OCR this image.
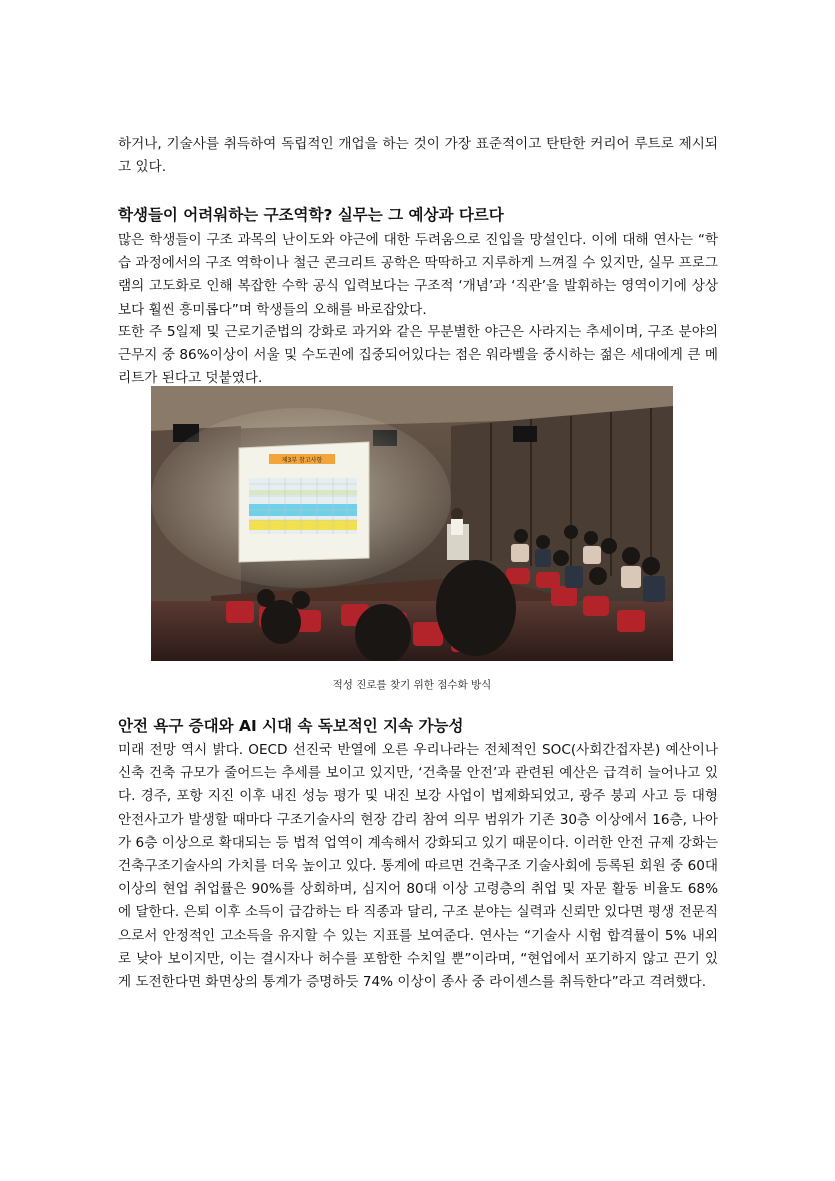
하거나, 기술사를 취득하여 독립적인 개업을 하는 것이 가장 표준적이고 탄탄한 커리어 루트로 제시되고 있다.

학생들이 어려워하는 구조역학? 실무는 그 예상과 다르다

많은 학생들이 구조 과목의 난이도와 야근에 대한 두려움으로 진입을 망설인다. 이에 대해 연사는 “학습 과정에서의 구조 역학이나 철근 콘크리트 공학은 딱딱하고 지루하게 느껴질 수 있지만, 실무 프로그램의 고도화로 인해 복잡한 수학 공식 입력보다는 구조적 ‘개념’과 ‘직관’을 발휘하는 영역이기에 상상보다 훨씬 흥미롭다”며 학생들의 오해를 바로잡았다.

또한 주 5일제 및 근로기준법의 강화로 과거와 같은 무분별한 야근은 사라지는 추세이며, 구조 분야의 근무지 중 86%이상이 서울 및 수도권에 집중되어있다는 점은 워라벨을 중시하는 젊은 세대에게 큰 메리트가 된다고 덧붙였다.

제3부 참고사항
적성 진로를 찾기 위한 점수화 방식
안전 욕구 증대와 AI 시대 속 독보적인 지속 가능성

미래 전망 역시 밝다. OECD 선진국 반열에 오른 우리나라는 전체적인 SOC(사회간접자본) 예산이나 신축 건축 규모가 줄어드는 추세를 보이고 있지만, ‘건축물 안전’과 관련된 예산은 급격히 늘어나고 있다. 경주, 포항 지진 이후 내진 성능 평가 및 내진 보강 사업이 법제화되었고, 광주 붕괴 사고 등 대형 안전사고가 발생할 때마다 구조기술사의 현장 감리 참여 의무 범위가 기존 30층 이상에서 16층, 나아가 6층 이상으로 확대되는 등 법적 업역이 계속해서 강화되고 있기 때문이다. 이러한 안전 규제 강화는 건축구조기술사의 가치를 더욱 높이고 있다. 통계에 따르면 건축구조 기술사회에 등록된 회원 중 60대 이상의 현업 취업률은 90%를 상회하며, 심지어 80대 이상 고령층의 취업 및 자문 활동 비율도 68%에 달한다. 은퇴 이후 소득이 급감하는 타 직종과 달리, 구조 분야는 실력과 신뢰만 있다면 평생 전문직으로서 안정적인 고소득을 유지할 수 있는 지표를 보여준다. 연사는 “기술사 시험 합격률이 5% 내외로 낮아 보이지만, 이는 결시자나 허수를 포함한 수치일 뿐”이라며, “현업에서 포기하지 않고 끈기 있게 도전한다면 화면상의 통계가 증명하듯 74% 이상이 종사 중 라이센스를 취득한다”라고 격려했다.
